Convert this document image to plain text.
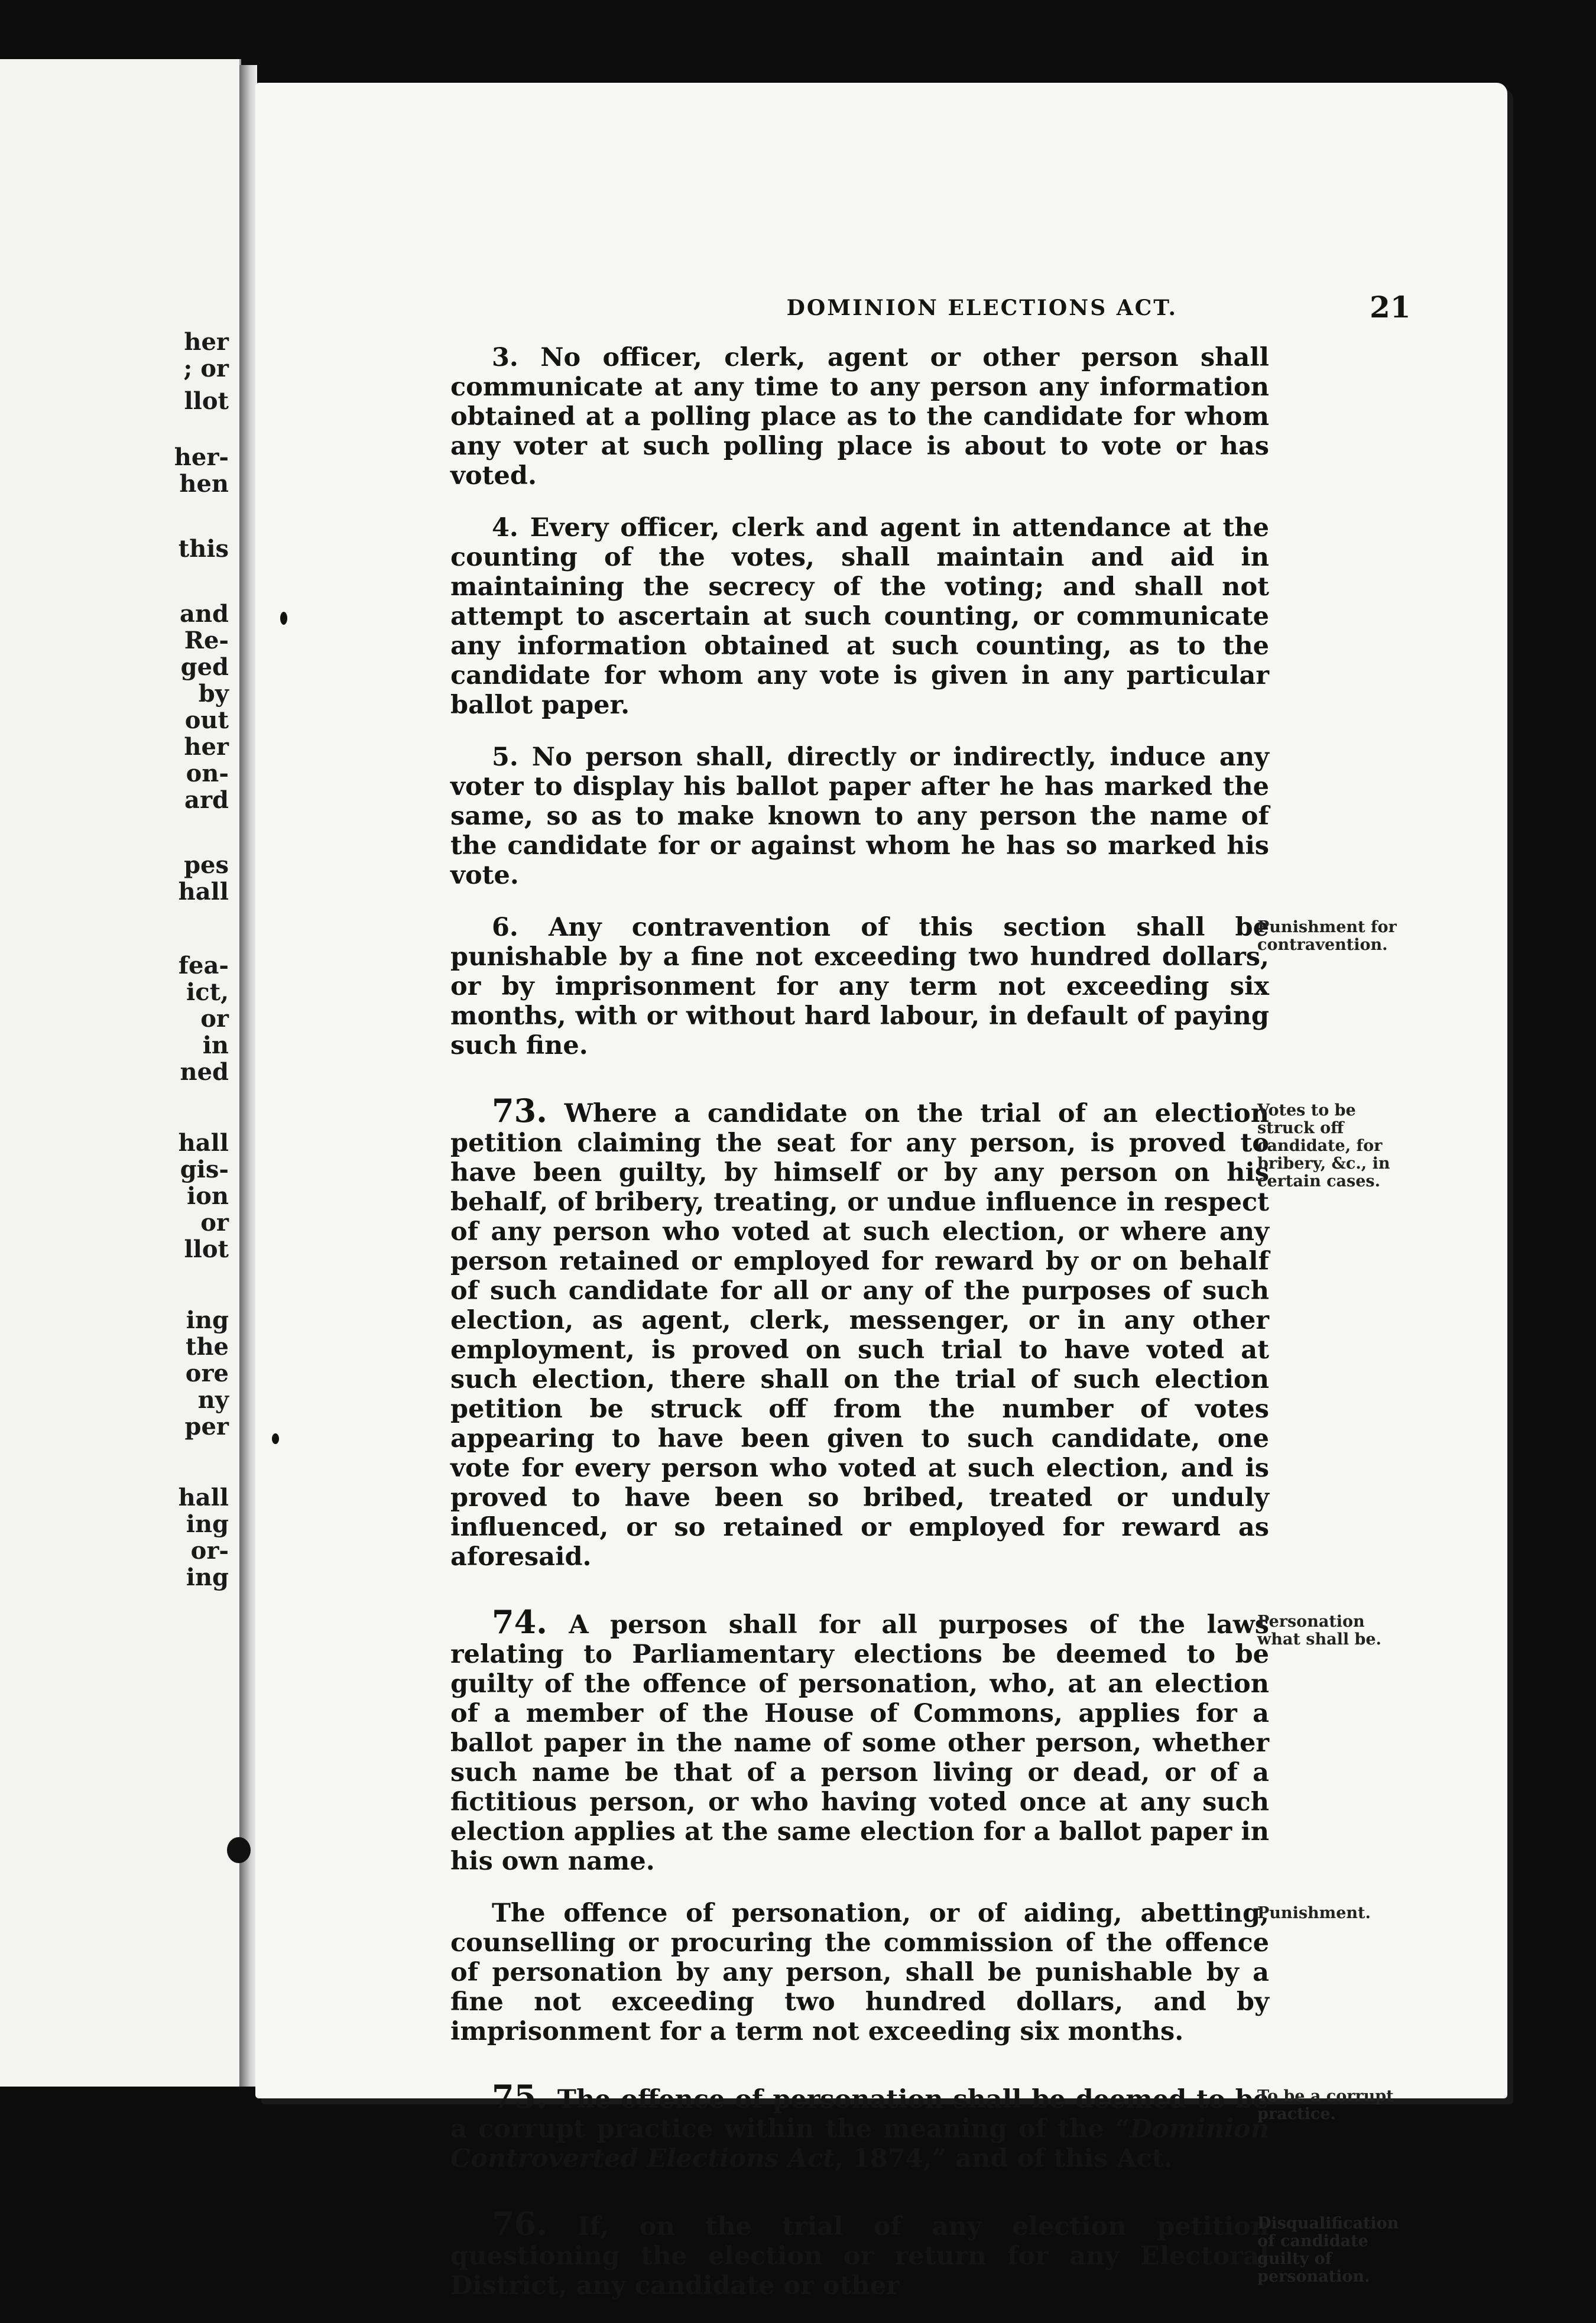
her
; or
llot
her-
hen
this
and
Re-
ged
by
out
her
on-
ard
pes
hall
fea-
ict,
or
in
ned
hall
gis-
ion
or
llot
ing
the
ore
ny
per
hall
ing
or-
ing
DOMINION ELECTIONS ACT.	21

3. No officer, clerk, agent or other person shall communicate at any time to any person any information obtained at a polling place as to the candidate for whom any voter at such polling place is about to vote or has voted.

4. Every officer, clerk and agent in attendance at the counting of the votes, shall maintain and aid in maintaining the secrecy of the voting; and shall not attempt to ascertain at such counting, or communicate any information obtained at such counting, as to the candidate for whom any vote is given in any particular ballot paper.

5. No person shall, directly or indirectly, induce any voter to display his ballot paper after he has marked the same, so as to make known to any person the name of the candidate for or against whom he has so marked his vote.

6. Any contravention of this section shall be punishable by a fine not exceeding two hundred dollars, or by imprisonment for any term not exceeding six months, with or without hard labour, in default of paying such fine.

73. Where a candidate on the trial of an election petition claiming the seat for any person, is proved to have been guilty, by himself or by any person on his behalf, of bribery, treating, or undue influence in respect of any person who voted at such election, or where any person retained or employed for reward by or on behalf of such candidate for all or any of the purposes of such election, as agent, clerk, messenger, or in any other employment, is proved on such trial to have voted at such election, there shall on the trial of such election petition be struck off from the number of votes appearing to have been given to such candidate, one vote for every person who voted at such election, and is proved to have been so bribed, treated or unduly influenced, or so retained or employed for reward as aforesaid.

74. A person shall for all purposes of the laws relating to Parliamentary elections be deemed to be guilty of the offence of personation, who, at an election of a member of the House of Commons, applies for a ballot paper in the name of some other person, whether such name be that of a person living or dead, or of a fictitious person, or who having voted once at any such election applies at the same election for a ballot paper in his own name.

The offence of personation, or of aiding, abetting, counselling or procuring the commission of the offence of personation by any person, shall be punishable by a fine not exceeding two hundred dollars, and by imprisonment for a term not exceeding six months.

75. The offence of personation shall be deemed to be a corrupt practice within the meaning of the “Dominion Controverted Elections Act, 1874,” and of this Act.

76. If, on the trial of any election petition questioning the election or return for any Electoral District, any candidate or other

Punishment for contravention.
Votes to be struck off candidate, for bribery, &c., in certain cases.
Personation what shall be.
Punishment.
To be a corrupt practice.
Disqualification of candidate guilty of personation.
